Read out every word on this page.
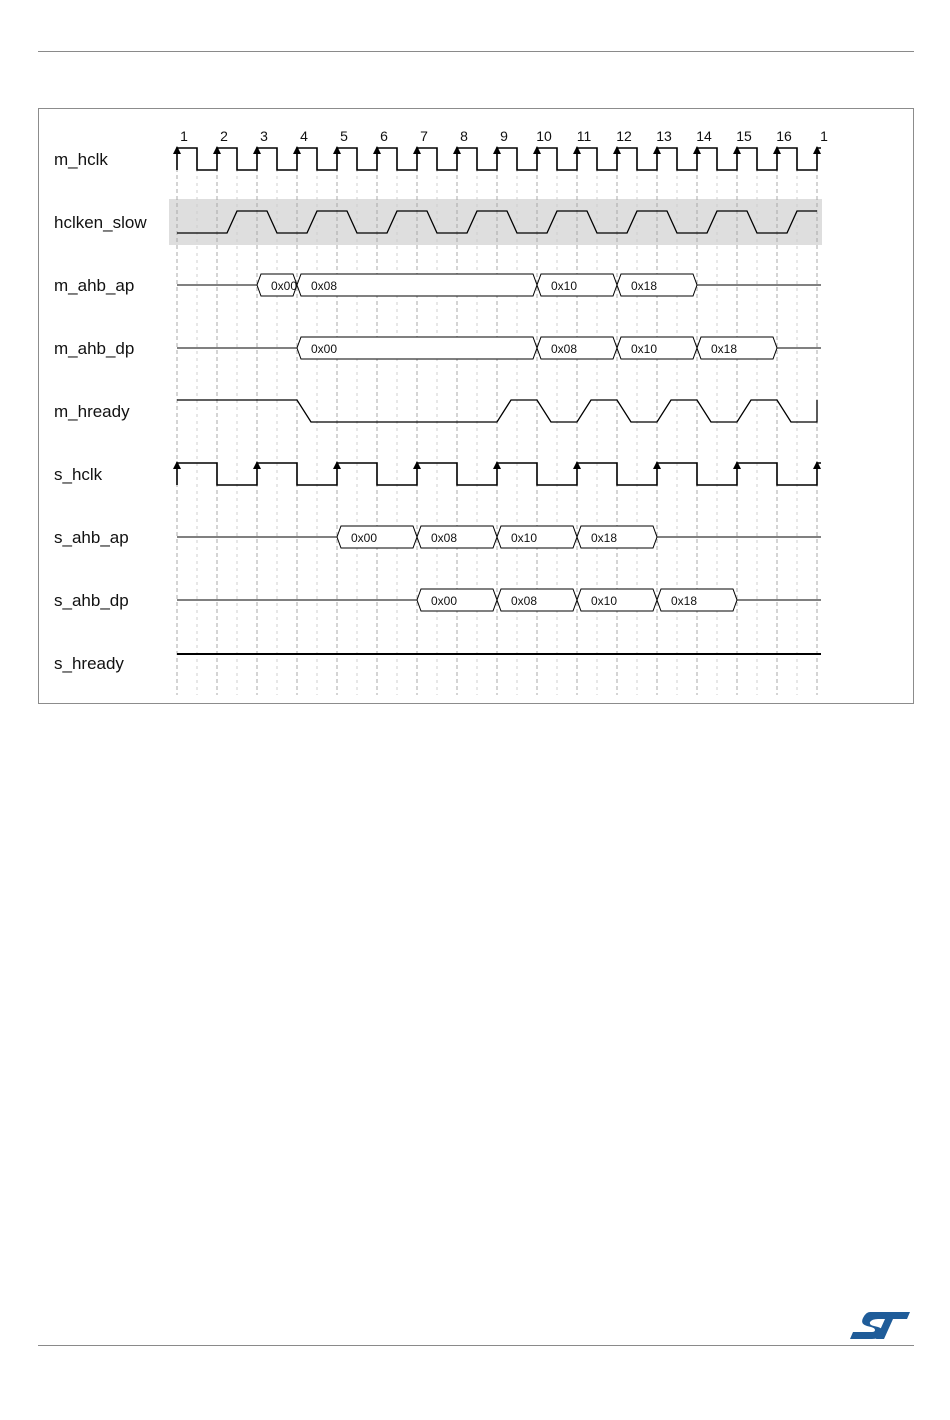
1 2 3 4 5 6 7 8 9 10 11 12 13 14 15 16 1
m_hclk
hclken_slow
m_ahb_ap	0x00 0x08	0x10	0x18
m_ahb_dp	0x00	0x08	0x10	0x18
m_hready
s_hclk
s_ahb_ap	0x00	0x08	0x10	0x18
s_ahb_dp	0x00	0x08	0x10	0x18
s_hready
